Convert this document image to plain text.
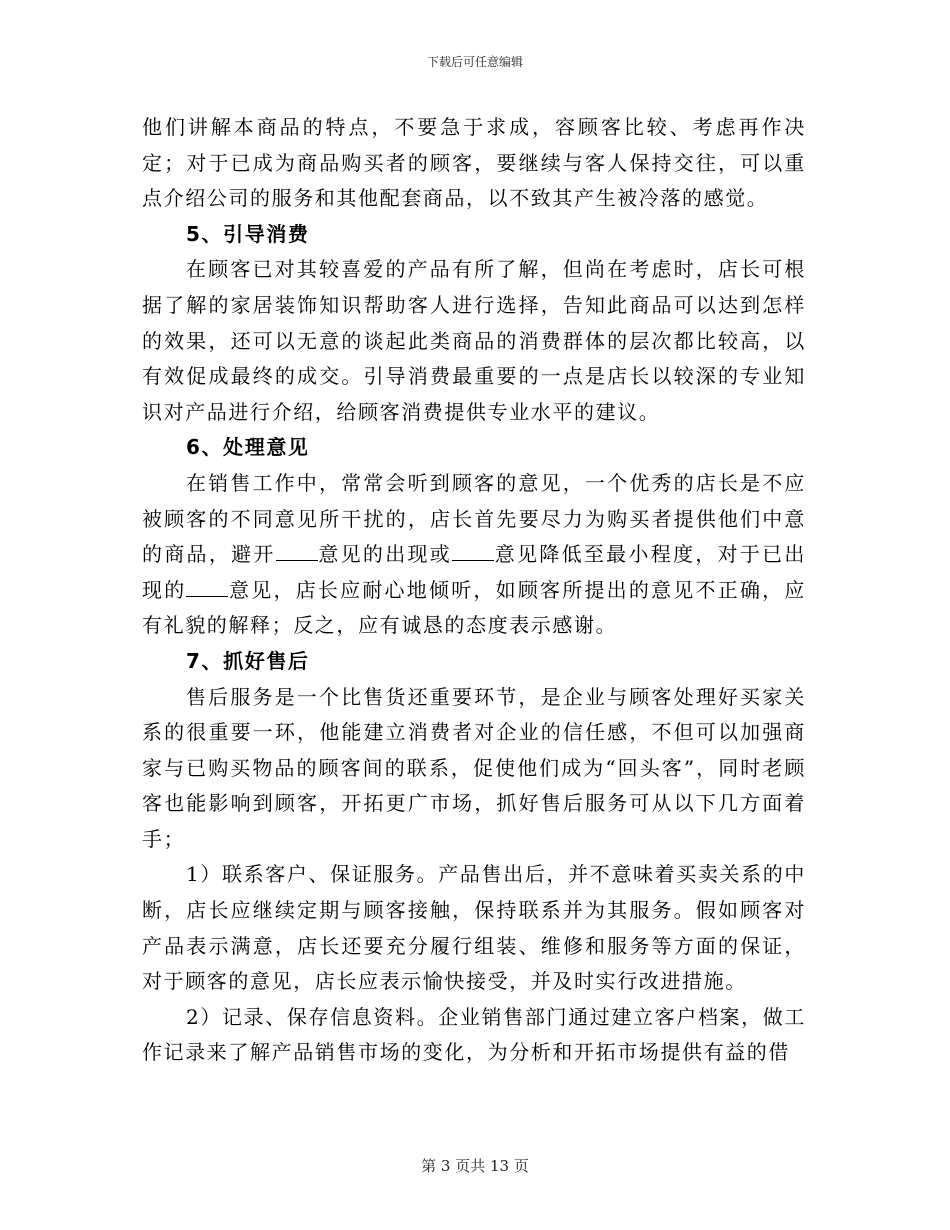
下载后可任意编辑

他们讲解本商品的特点，不要急于求成，容顾客比较、考虑再作决定；对于已成为商品购买者的顾客，要继续与客人保持交往，可以重点介绍公司的服务和其他配套商品，以不致其产生被冷落的感觉。

5、引导消费

在顾客已对其较喜爱的产品有所了解，但尚在考虑时，店长可根据了解的家居装饰知识帮助客人进行选择，告知此商品可以达到怎样的效果，还可以无意的谈起此类商品的消费群体的层次都比较高，以有效促成最终的成交。引导消费最重要的一点是店长以较深的专业知识对产品进行介绍，给顾客消费提供专业水平的建议。

6、处理意见

在销售工作中，常常会听到顾客的意见，一个优秀的店长是不应被顾客的不同意见所干扰的，店长首先要尽力为购买者提供他们中意的商品，避开 意见的出现或 意见降低至最小程度，对于已出现的 意见，店长应耐心地倾听，如顾客所提出的意见不正确，应有礼貌的解释；反之，应有诚恳的态度表示感谢。

7、抓好售后

售后服务是一个比售货还重要环节，是企业与顾客处理好买家关系的很重要一环，他能建立消费者对企业的信任感，不但可以加强商家与已购买物品的顾客间的联系，促使他们成为“回头客”，同时老顾客也能影响到顾客，开拓更广市场，抓好售后服务可从以下几方面着手；

1）联系客户、保证服务。产品售出后，并不意味着买卖关系的中断，店长应继续定期与顾客接触，保持联系并为其服务。假如顾客对产品表示满意，店长还要充分履行组装、维修和服务等方面的保证，对于顾客的意见，店长应表示愉快接受，并及时实行改进措施。

2）记录、保存信息资料。企业销售部门通过建立客户档案，做工作记录来了解产品销售市场的变化，为分析和开拓市场提供有益的借

第 3 页共 13 页
